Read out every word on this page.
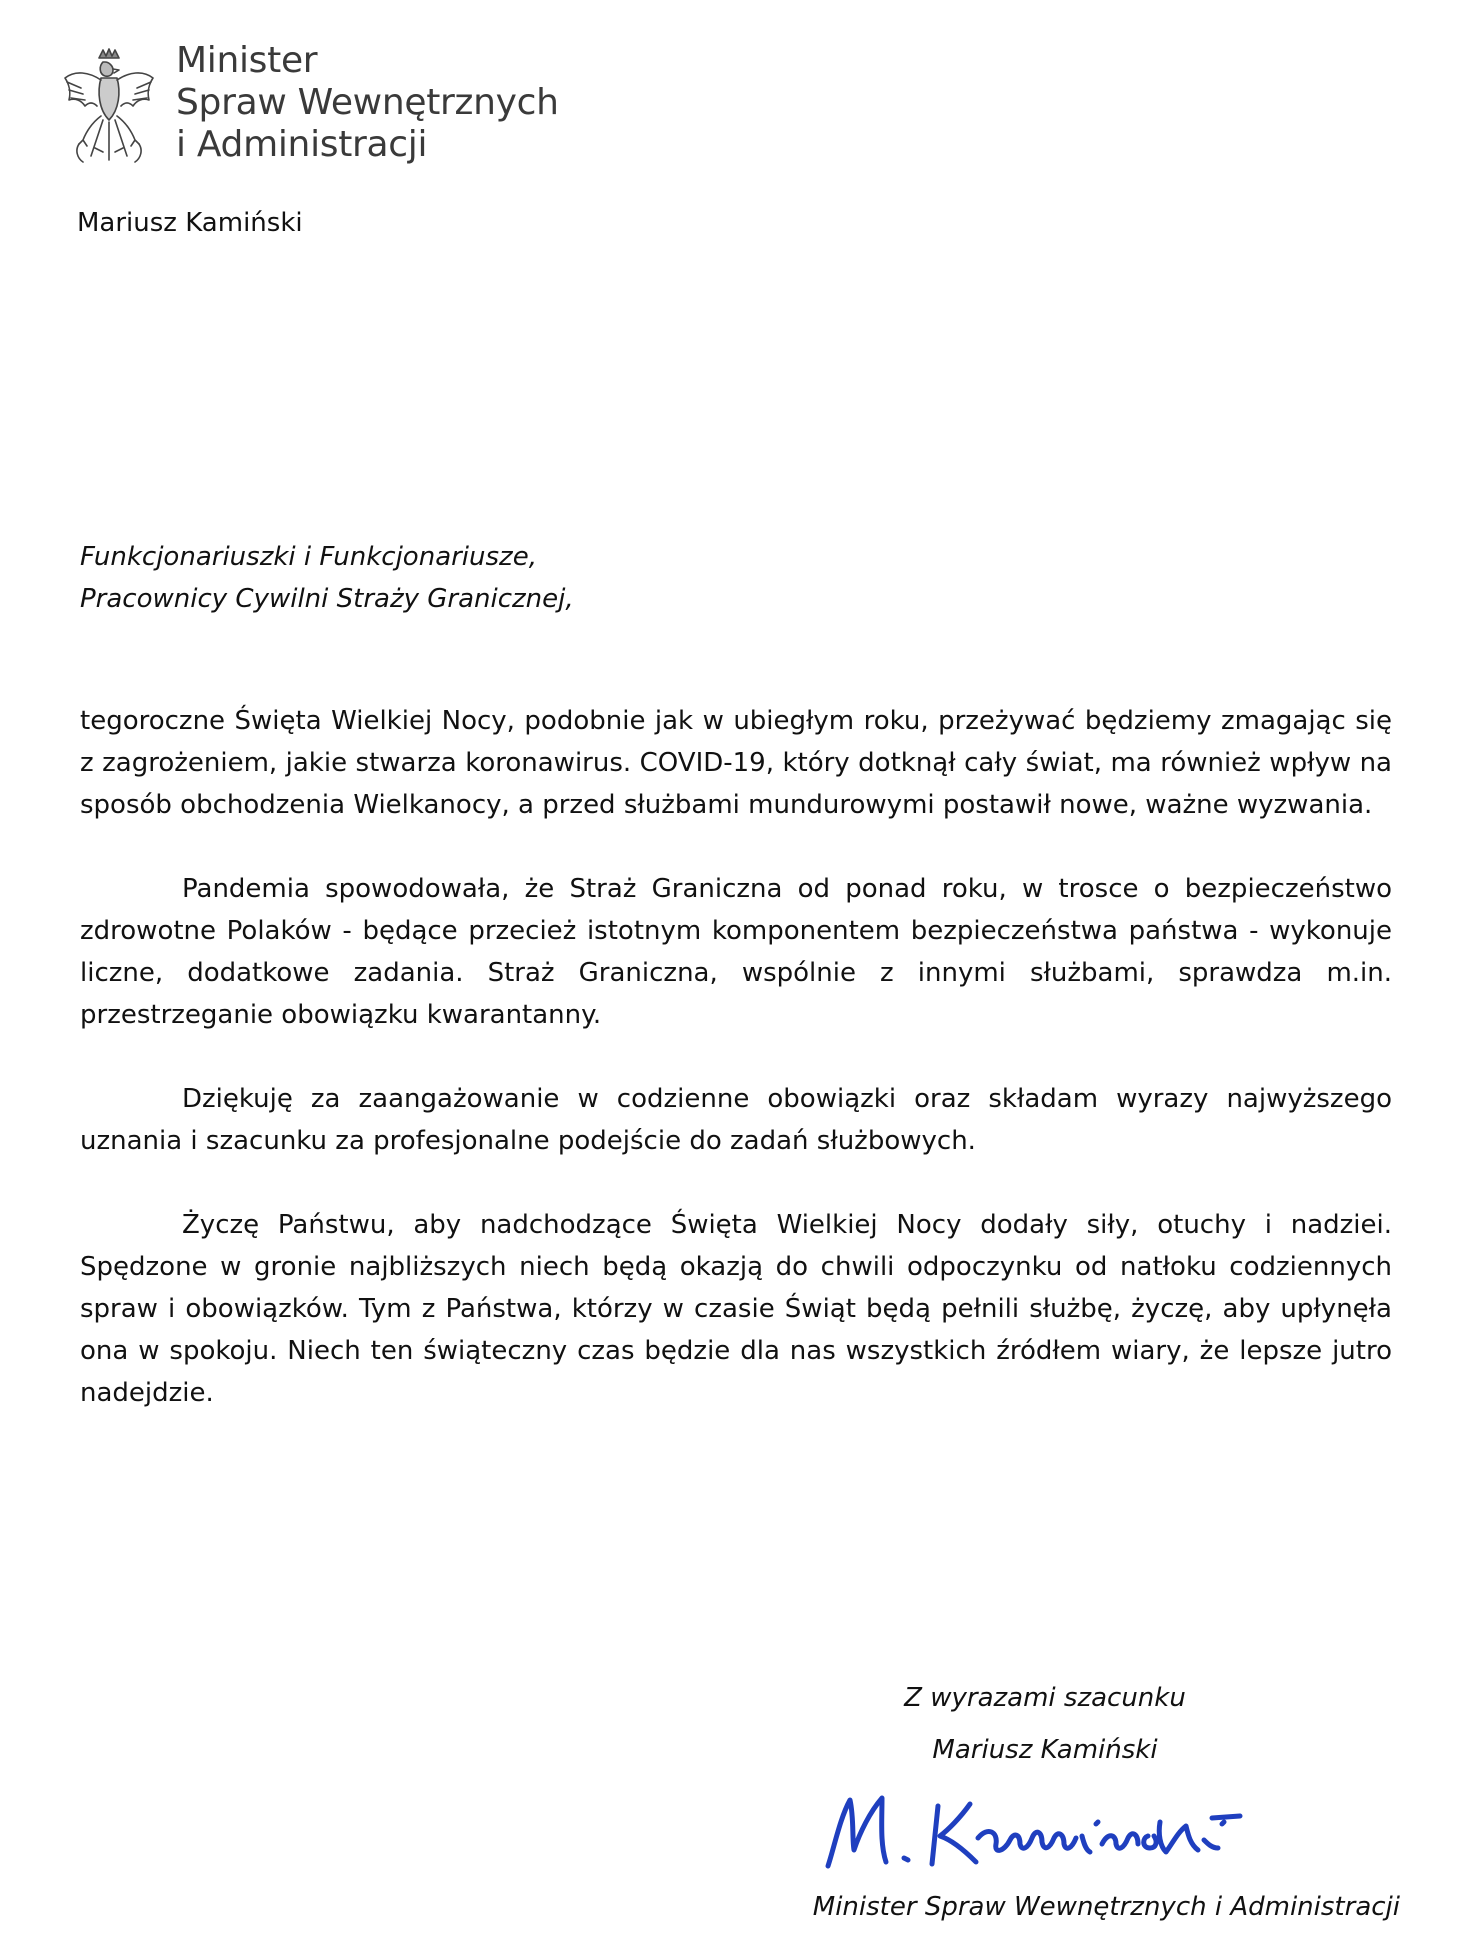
Minister
Spraw Wewnętrznych
i Administracji
Mariusz Kamiński
Funkcjonariuszki i Funkcjonariusze,
Pracownicy Cywilni Straży Granicznej,

tegoroczne Święta Wielkiej Nocy, podobnie jak w ubiegłym roku, przeżywać będziemy zmagając się z zagrożeniem, jakie stwarza koronawirus. COVID-19, który dotknął cały świat, ma również wpływ na sposób obchodzenia Wielkanocy, a przed służbami mundurowymi postawił nowe, ważne wyzwania.

Pandemia spowodowała, że Straż Graniczna od ponad roku, w trosce o bezpieczeństwo zdrowotne Polaków - będące przecież istotnym komponentem bezpieczeństwa państwa - wykonuje liczne, dodatkowe zadania. Straż Graniczna, wspólnie z innymi służbami, sprawdza m.in. przestrzeganie obowiązku kwarantanny.

Dziękuję za zaangażowanie w codzienne obowiązki oraz składam wyrazy najwyższego uznania i szacunku za profesjonalne podejście do zadań służbowych.

Życzę Państwu, aby nadchodzące Święta Wielkiej Nocy dodały siły, otuchy i nadziei. Spędzone w gronie najbliższych niech będą okazją do chwili odpoczynku od natłoku codziennych spraw i obowiązków. Tym z Państwa, którzy w czasie Świąt będą pełnili służbę, życzę, aby upłynęła ona w spokoju. Niech ten świąteczny czas będzie dla nas wszystkich źródłem wiary, że lepsze jutro nadejdzie.

Z wyrazami szacunku
Mariusz Kamiński
Minister Spraw Wewnętrznych i Administracji
